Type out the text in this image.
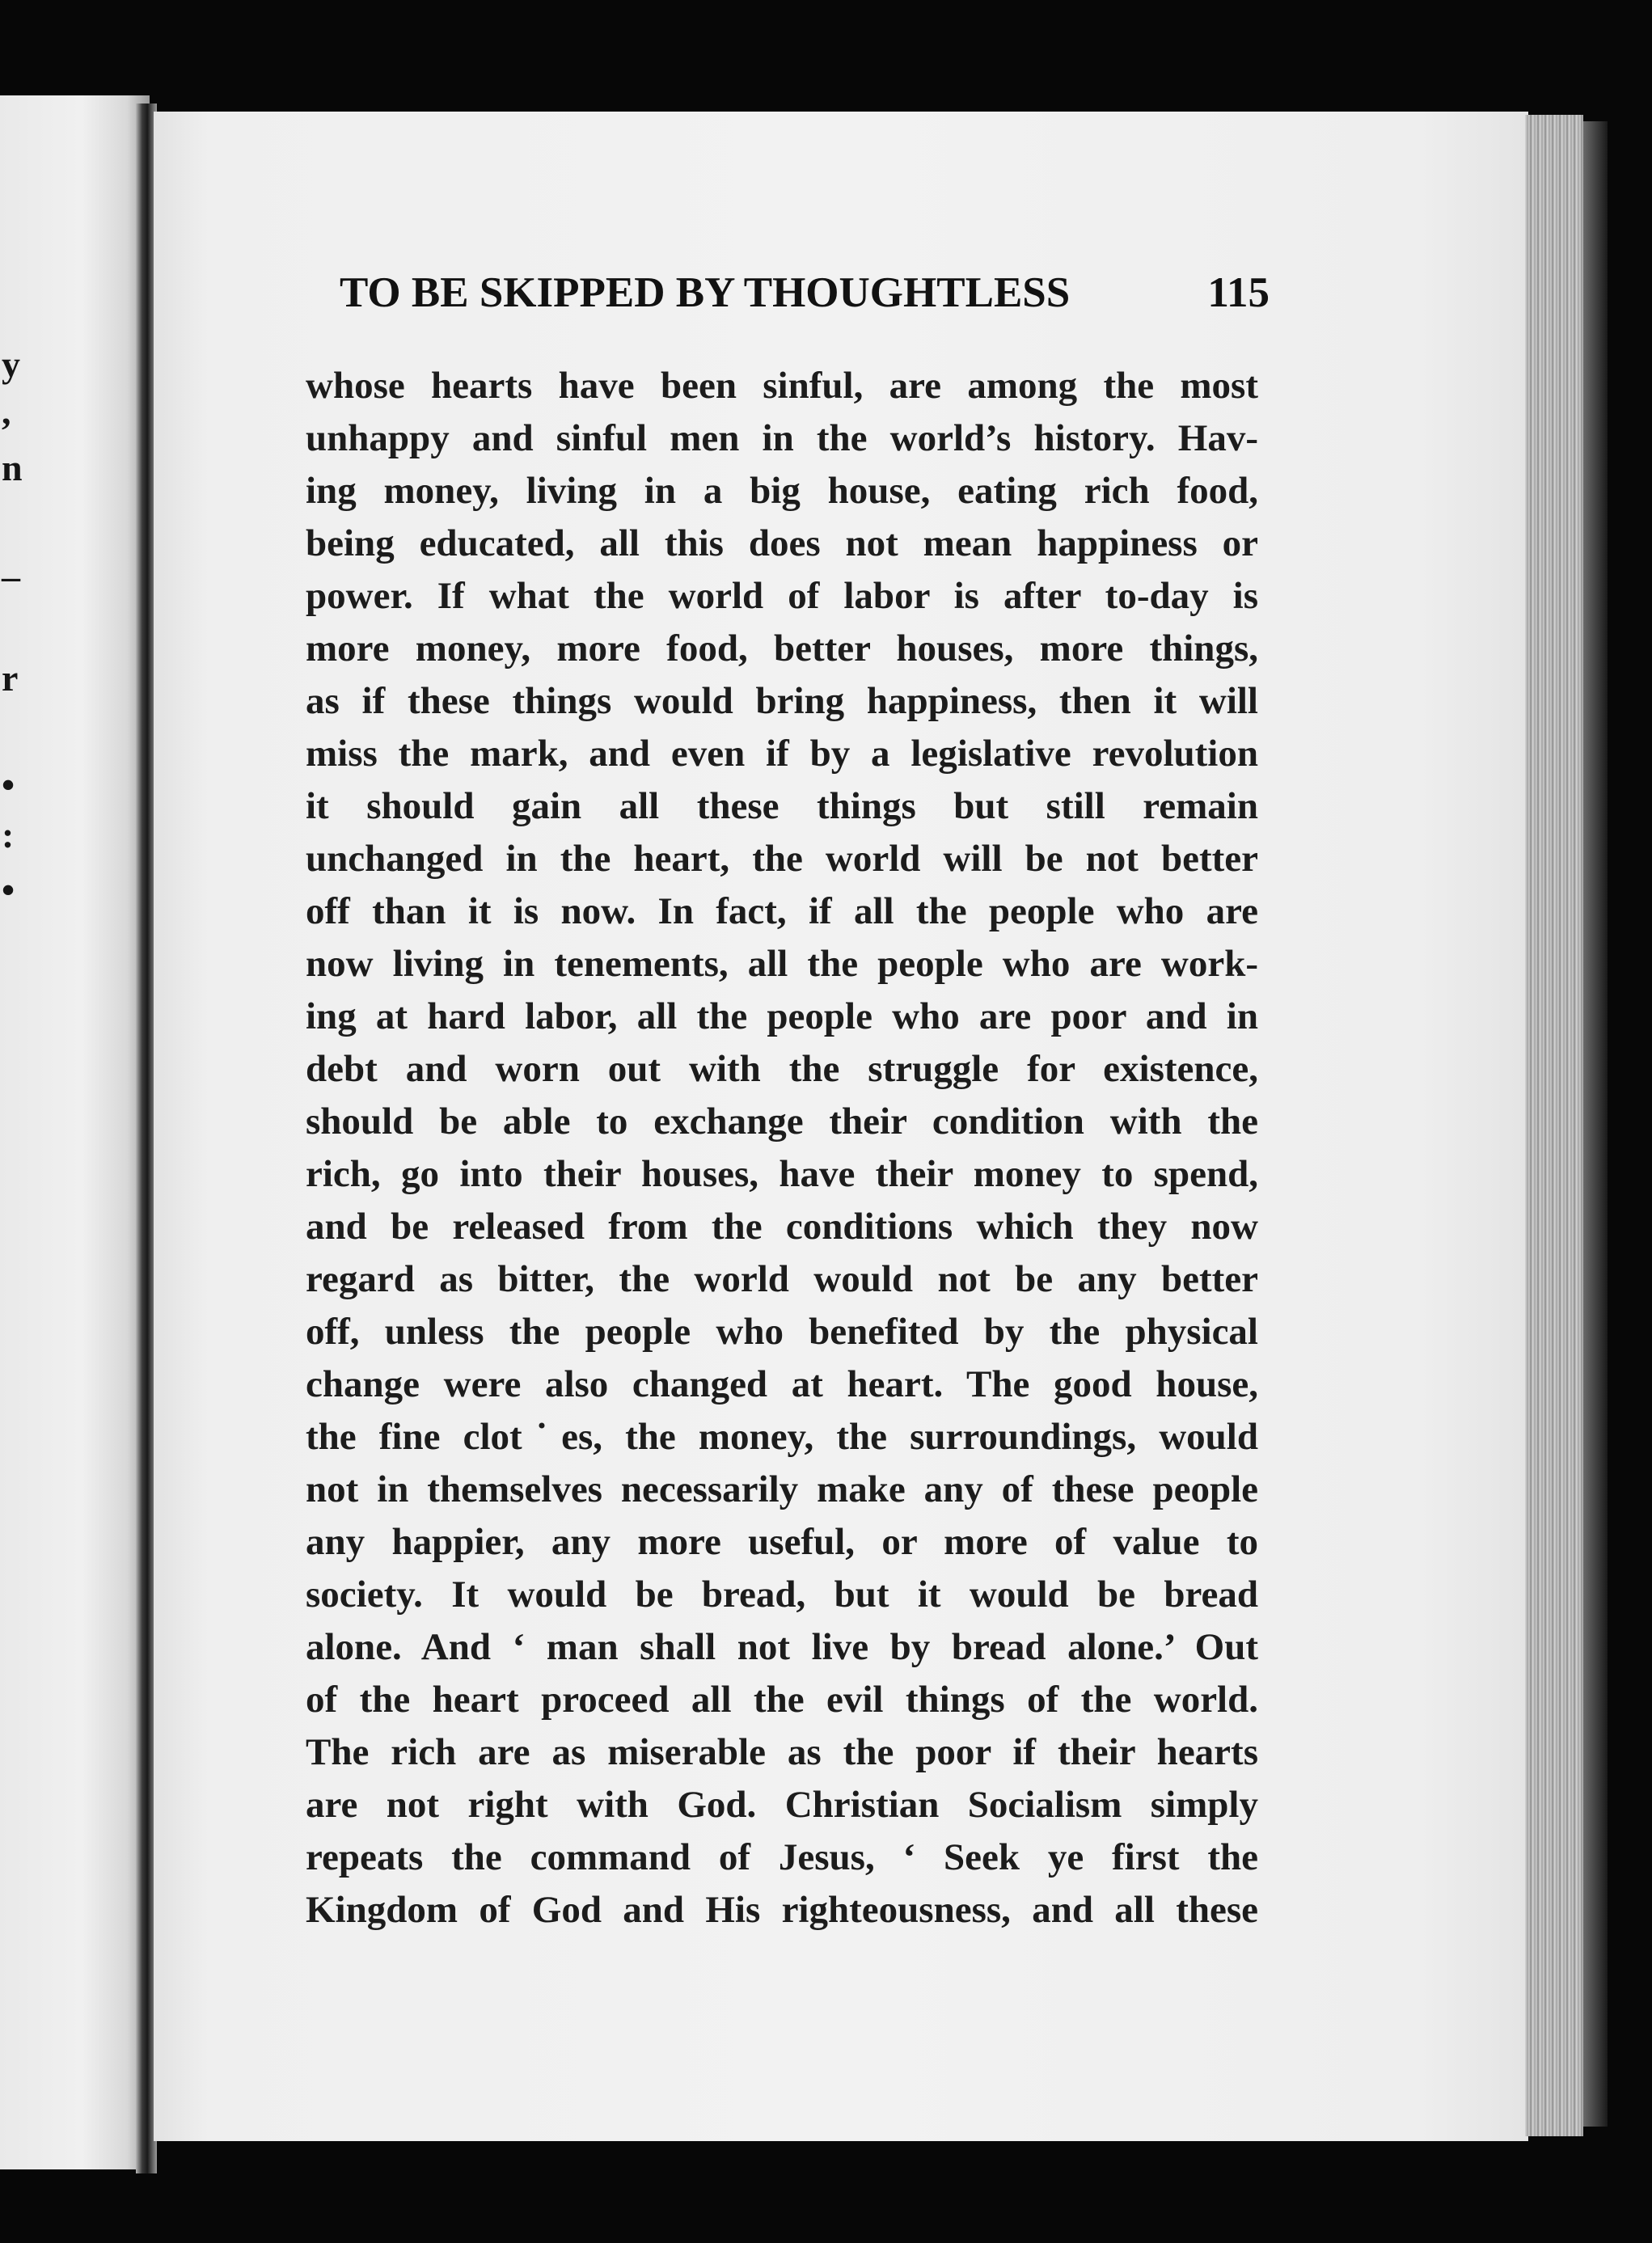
y
,
n
–
r
•
:
•
TO BE SKIPPED BY THOUGHTLESS	115
whose hearts have been sinful, are among the most
unhappy and sinful men in the world’s history. Hav-
ing money, living in a big house, eating rich food,
being educated, all this does not mean happiness or
power. If what the world of labor is after to-day is
more money, more food, better houses, more things,
as if these things would bring happiness, then it will
miss the mark, and even if by a legislative revolution
it should gain all these things but still remain
unchanged in the heart, the world will be not better
off than it is now. In fact, if all the people who are
now living in tenements, all the people who are work-
ing at hard labor, all the people who are poor and in
debt and worn out with the struggle for existence,
should be able to exchange their condition with the
rich, go into their houses, have their money to spend,
and be released from the conditions which they now
regard as bitter, the world would not be any better
off, unless the people who benefited by the physical
change were also changed at heart. The good house,
the fine clot˙es, the money, the surroundings, would
not in themselves necessarily make any of these people
any happier, any more useful, or more of value to
society. It would be bread, but it would be bread
alone. And ‘ man shall not live by bread alone.’ Out
of the heart proceed all the evil things of the world.
The rich are as miserable as the poor if their hearts
are not right with God. Christian Socialism simply
repeats the command of Jesus, ‘ Seek ye first the
Kingdom of God and His righteousness, and all these
